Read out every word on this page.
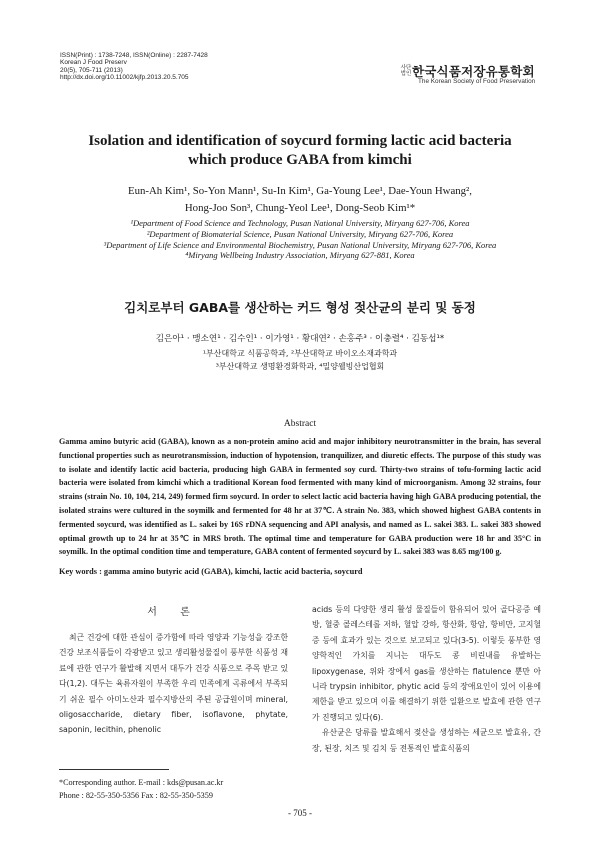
ISSN(Print) : 1738-7248, ISSN(Online) : 2287-7428
Korean J Food Preserv
20(5), 705-711 (2013)
http://dx.doi.org/10.11002/kjfp.2013.20.5.705
사단 법인 한국식품저장유통학회
The Korean Society of Food Preservation
Isolation and identification of soycurd forming lactic acid bacteria
which produce GABA from kimchi
Eun-Ah Kim¹, So-Yon Mann¹, Su-In Kim¹, Ga-Young Lee¹, Dae-Youn Hwang²,
Hong-Joo Son³, Chung-Yeol Lee¹, Dong-Seob Kim¹*
¹Department of Food Science and Technology, Pusan National University, Miryang 627-706, Korea
²Department of Biomaterial Science, Pusan National University, Miryang 627-706, Korea
³Department of Life Science and Environmental Biochemistry, Pusan National University, Miryang 627-706, Korea
⁴Miryang Wellbeing Industry Association, Miryang 627-881, Korea
김치로부터 GABA를 생산하는 커드 형성 젖산균의 분리 및 동정
김은아¹ · 맹소연¹ · 김수인¹ · 이가영¹ · 황대연² · 손홍주³ · 이충렬⁴ · 김동섭¹*
¹부산대학교 식품공학과, ²부산대학교 바이오소재과학과
³부산대학교 생명환경화학과, ⁴밀양웰빙산업협회
Abstract
Gamma amino butyric acid (GABA), known as a non-protein amino acid and major inhibitory neurotransmitter in the brain, has several functional properties such as neurotransmission, induction of hypotension, tranquilizer, and diuretic effects. The purpose of this study was to isolate and identify lactic acid bacteria, producing high GABA in fermented soy curd. Thirty-two strains of tofu-forming lactic acid bacteria were isolated from kimchi which a traditional Korean food fermented with many kind of microorganism. Among 32 strains, four strains (strain No. 10, 104, 214, 249) formed firm soycurd. In order to select lactic acid bacteria having high GABA producing potential, the isolated strains were cultured in the soymilk and fermented for 48 hr at 37℃. A strain No. 383, which showed highest GABA contents in fermented soycurd, was identified as L. sakei by 16S rDNA sequencing and API analysis, and named as L. sakei 383. L. sakei 383 showed optimal growth up to 24 hr at 35℃ in MRS broth. The optimal time and temperature for GABA production were 18 hr and 35°C in soymilk. In the optimal condition time and temperature, GABA content of fermented soycurd by L. sakei 383 was 8.65 mg/100 g.
Key words : gamma amino butyric acid (GABA), kimchi, lactic acid bacteria, soycurd
서 론

최근 건강에 대한 관심이 증가함에 따라 영양과 기능성을 강조한 건강 보조식품들이 각광받고 있고 생리활성물질이 풍부한 식품성 재료에 관한 연구가 활발해 지면서 대두가 건강 식품으로 주목 받고 있다(1,2). 대두는 육류자원이 부족한 우리 민족에게 곡류에서 부족되기 쉬운 필수 아미노산과 필수지방산의 주된 공급원이며 mineral, oligosaccharide, dietary fiber, isoflavone, phytate, saponin, lecithin, phenolic

acids 등의 다양한 생리 활성 물질들이 함유되어 있어 골다공증 예방, 혈중 콜레스테롤 저하, 혈압 강하, 항산화, 항암, 항비만, 고지혈증 등에 효과가 있는 것으로 보고되고 있다(3-5). 이렇듯 풍부한 영양학적인 가치를 지니는 대두도 콩 비린내를 유발하는 lipoxygenase, 위와 장에서 gas를 생산하는 flatulence 뿐만 아니라 trypsin inhibitor, phytic acid 등의 장애요인이 있어 이용에 제한을 받고 있으며 이를 해결하기 위한 일환으로 발효에 관한 연구가 진행되고 있다(6).

유산균은 당류를 발효해서 젖산을 생성하는 세균으로 발효유, 간장, 된장, 치즈 및 김치 등 전통적인 발효식품의

*Corresponding author. E-mail : kds@pusan.ac.kr
Phone : 82-55-350-5356 Fax : 82-55-350-5359
- 705 -
